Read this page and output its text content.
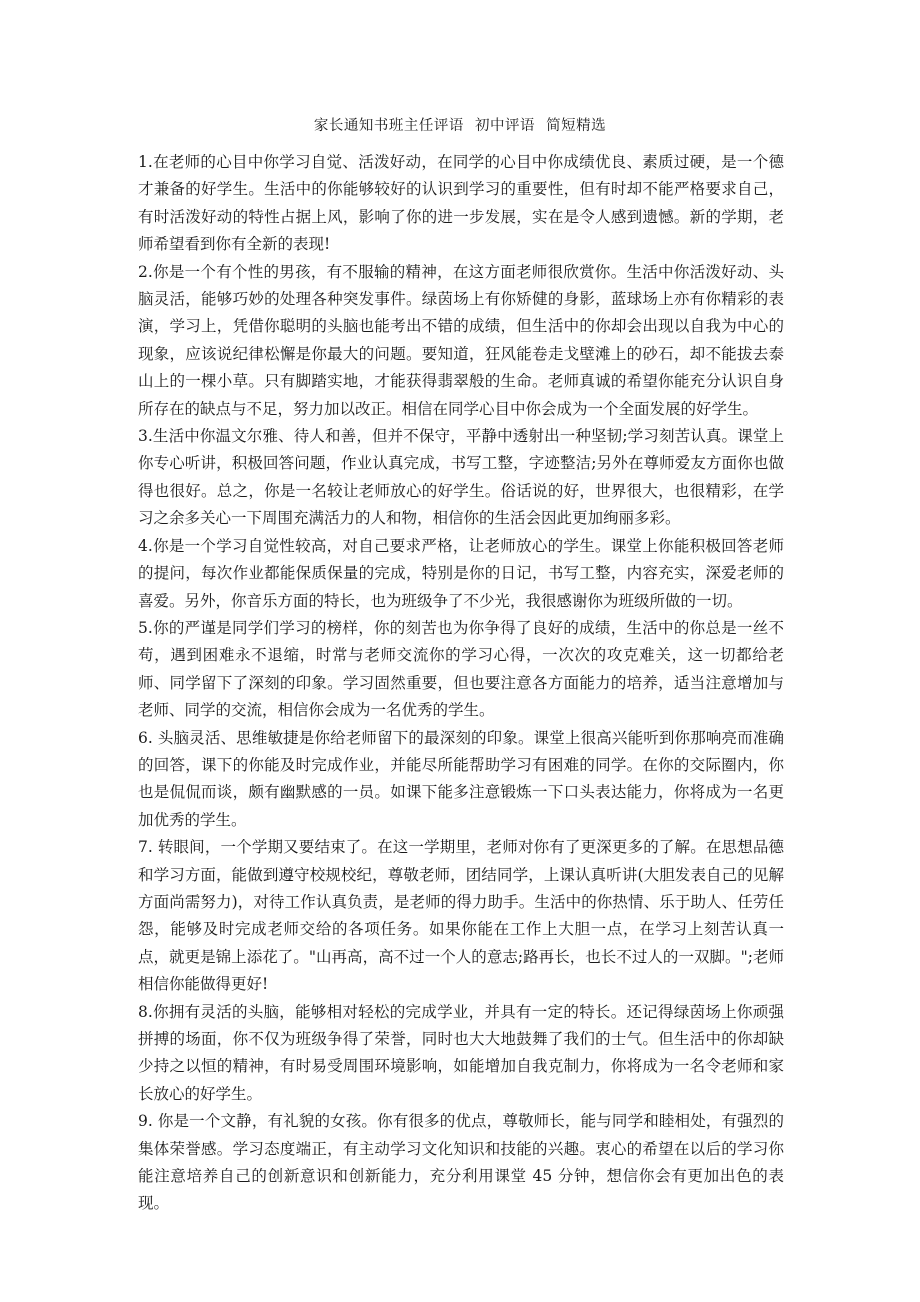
家长通知书班主任评语 初中评语 简短精选

1.在老师的心目中你学习自觉、活泼好动，在同学的心目中你成绩优良、素质过硬，是一个德才兼备的好学生。生活中的你能够较好的认识到学习的重要性，但有时却不能严格要求自己，有时活泼好动的特性占据上风，影响了你的进一步发展，实在是令人感到遗憾。新的学期，老师希望看到你有全新的表现!

2.你是一个有个性的男孩，有不服输的精神，在这方面老师很欣赏你。生活中你活泼好动、头脑灵活，能够巧妙的处理各种突发事件。绿茵场上有你矫健的身影，蓝球场上亦有你精彩的表演，学习上，凭借你聪明的头脑也能考出不错的成绩，但生活中的你却会出现以自我为中心的现象，应该说纪律松懈是你最大的问题。要知道，狂风能卷走戈壁滩上的砂石，却不能拔去泰山上的一棵小草。只有脚踏实地，才能获得翡翠般的生命。老师真诚的希望你能充分认识自身所存在的缺点与不足，努力加以改正。相信在同学心目中你会成为一个全面发展的好学生。

3.生活中你温文尔雅、待人和善，但并不保守，平静中透射出一种坚韧;学习刻苦认真。课堂上你专心听讲，积极回答问题，作业认真完成，书写工整，字迹整洁;另外在尊师爱友方面你也做得也很好。总之，你是一名较让老师放心的好学生。俗话说的好，世界很大，也很精彩，在学习之余多关心一下周围充满活力的人和物，相信你的生活会因此更加绚丽多彩。

4.你是一个学习自觉性较高，对自己要求严格，让老师放心的学生。课堂上你能积极回答老师的提问，每次作业都能保质保量的完成，特别是你的日记，书写工整，内容充实，深爱老师的喜爱。另外，你音乐方面的特长，也为班级争了不少光，我很感谢你为班级所做的一切。

5.你的严谨是同学们学习的榜样，你的刻苦也为你争得了良好的成绩，生活中的你总是一丝不苟，遇到困难永不退缩，时常与老师交流你的学习心得，一次次的攻克难关，这一切都给老师、同学留下了深刻的印象。学习固然重要，但也要注意各方面能力的培养，适当注意增加与老师、同学的交流，相信你会成为一名优秀的学生。

6. 头脑灵活、思维敏捷是你给老师留下的最深刻的印象。课堂上很高兴能听到你那响亮而准确的回答，课下的你能及时完成作业，并能尽所能帮助学习有困难的同学。在你的交际圈内，你也是侃侃而谈，颇有幽默感的一员。如课下能多注意锻炼一下口头表达能力，你将成为一名更加优秀的学生。

7. 转眼间，一个学期又要结束了。在这一学期里，老师对你有了更深更多的了解。在思想品德和学习方面，能做到遵守校规校纪，尊敬老师，团结同学，上课认真听讲(大胆发表自己的见解方面尚需努力)，对待工作认真负责，是老师的得力助手。生活中的你热情、乐于助人、任劳任怨，能够及时完成老师交给的各项任务。如果你能在工作上大胆一点，在学习上刻苦认真一点，就更是锦上添花了。"山再高，高不过一个人的意志;路再长，也长不过人的一双脚。";老师相信你能做得更好!

8.你拥有灵活的头脑，能够相对轻松的完成学业，并具有一定的特长。还记得绿茵场上你顽强拼搏的场面，你不仅为班级争得了荣誉，同时也大大地鼓舞了我们的士气。但生活中的你却缺少持之以恒的精神，有时易受周围环境影响，如能增加自我克制力，你将成为一名令老师和家长放心的好学生。

9. 你是一个文静，有礼貌的女孩。你有很多的优点，尊敬师长，能与同学和睦相处，有强烈的集体荣誉感。学习态度端正，有主动学习文化知识和技能的兴趣。衷心的希望在以后的学习你能注意培养自己的创新意识和创新能力，充分利用课堂 45 分钟，想信你会有更加出色的表现。
